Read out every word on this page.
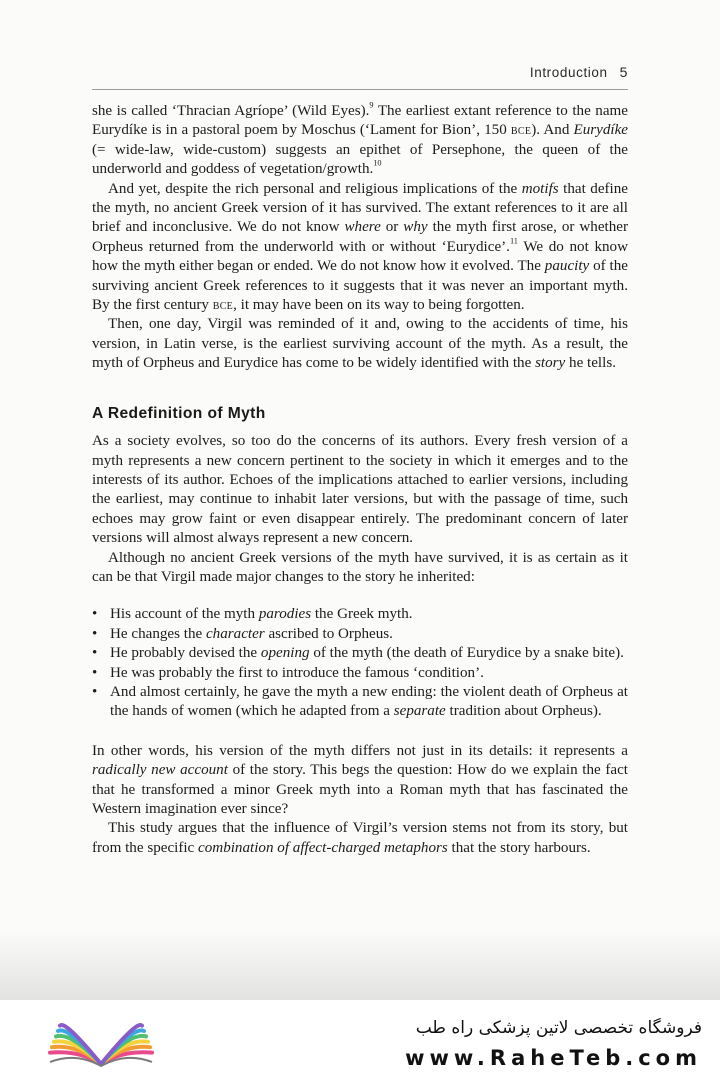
Introduction 5

she is called ‘Thracian Agríope’ (Wild Eyes).$^9$ The earliest extant reference to the name Eurydíke is in a pastoral poem by Moschus (‘Lament for Bion’, 150 bce). And Eurydíke (= wide-law, wide-custom) suggests an epithet of Persephone, the queen of the underworld and goddess of vegetation/growth.$^{10}$

And yet, despite the rich personal and religious implications of the motifs that define the myth, no ancient Greek version of it has survived. The extant references to it are all brief and inconclusive. We do not know where or why the myth first arose, or whether Orpheus returned from the underworld with or without ‘Eurydice’.$^{11}$ We do not know how the myth either began or ended. We do not know how it evolved. The paucity of the surviving ancient Greek references to it suggests that it was never an important myth. By the first century bce, it may have been on its way to being forgotten.

Then, one day, Virgil was reminded of it and, owing to the accidents of time, his version, in Latin verse, is the earliest surviving account of the myth. As a result, the myth of Orpheus and Eurydice has come to be widely identified with the story he tells.

A Redefinition of Myth

As a society evolves, so too do the concerns of its authors. Every fresh version of a myth represents a new concern pertinent to the society in which it emerges and to the interests of its author. Echoes of the implications attached to earlier versions, including the earliest, may continue to inhabit later versions, but with the passage of time, such echoes may grow faint or even disappear entirely. The predominant concern of later versions will almost always represent a new concern.

Although no ancient Greek versions of the myth have survived, it is as certain as it can be that Virgil made major changes to the story he inherited:

• His account of the myth parodies the Greek myth.
• He changes the character ascribed to Orpheus.
• He probably devised the opening of the myth (the death of Eurydice by a snake bite).
• He was probably the first to introduce the famous ‘condition’.
• And almost certainly, he gave the myth a new ending: the violent death of Orpheus at the hands of women (which he adapted from a separate tradition about Orpheus).

In other words, his version of the myth differs not just in its details: it represents a radically new account of the story. This begs the question: How do we explain the fact that he transformed a minor Greek myth into a Roman myth that has fascinated the Western imagination ever since?

This study argues that the influence of Virgil’s version stems not from its story, but from the specific combination of affect-charged metaphors that the story harbours.

فروشگاه تخصصی لاتین پزشکی راه طب
www.RaheTeb.com
